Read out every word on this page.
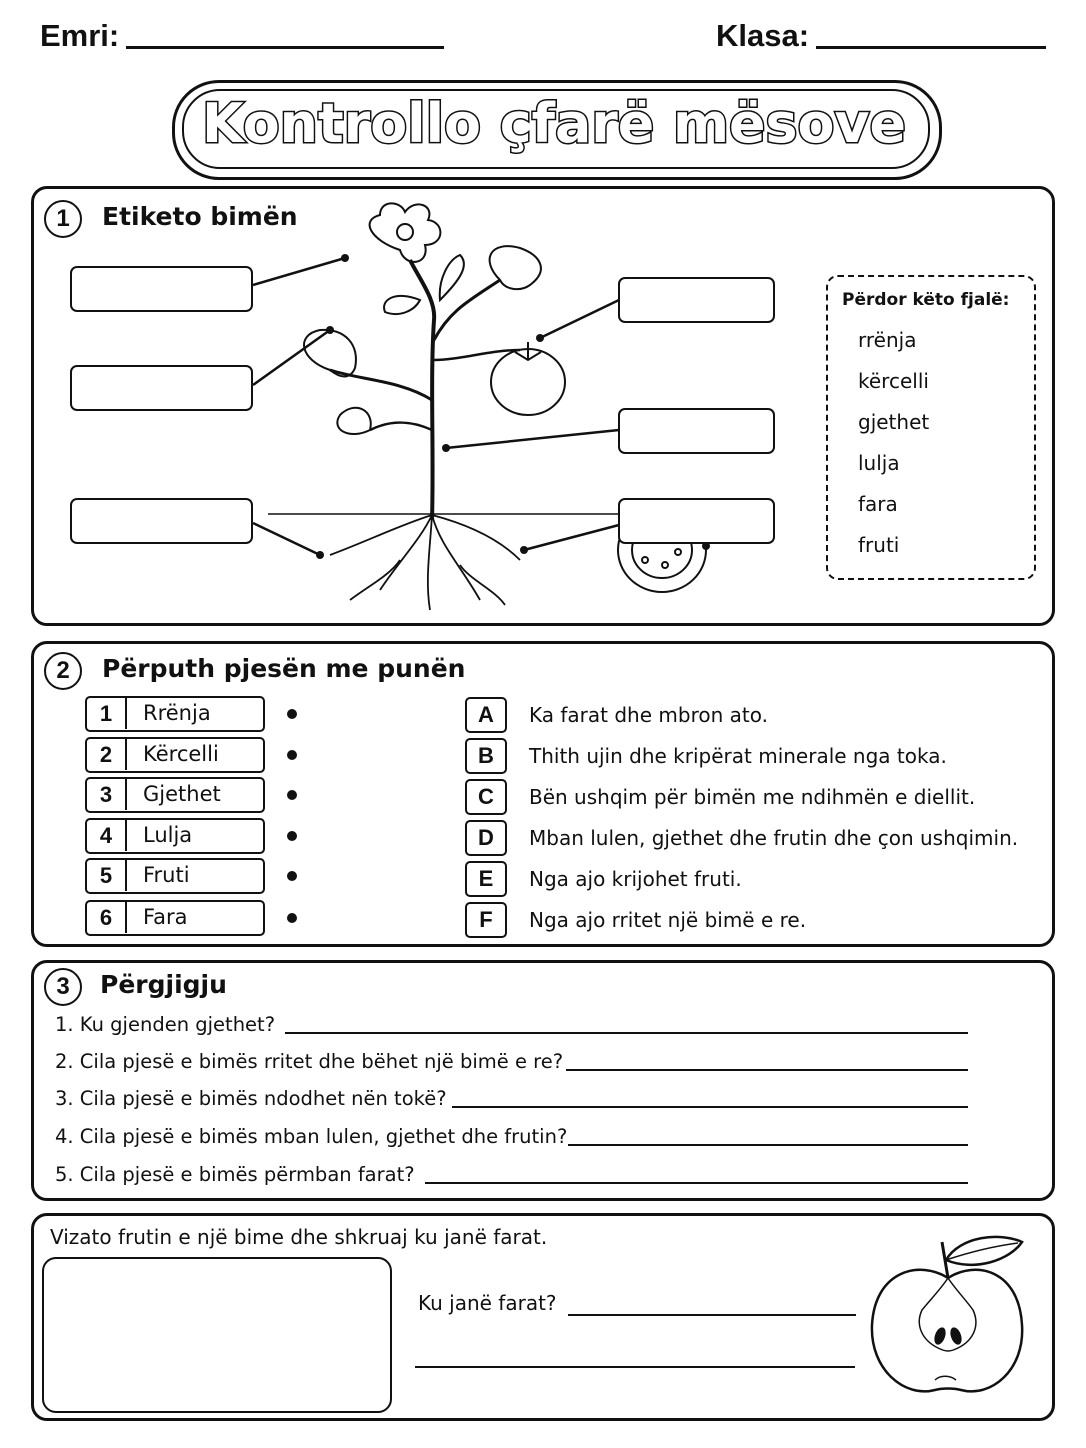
Emri:	Klasa:
Kontrollo çfarë mësove
1	Etiketo bimën
Përdor këto fjalë:
rrënja
kërcelli
gjethet
lulja
fara
fruti
2	Përputh pjesën me punën
1	Rrënja
2	Kërcelli
3	Gjethet
4	Lulja
5	Fruti
6	Fara
A	Ka farat dhe mbron ato.
B	Thith ujin dhe kripërat minerale nga toka.
C	Bën ushqim për bimën me ndihmën e diellit.
D	Mban lulen, gjethet dhe frutin dhe çon ushqimin.
E	Nga ajo krijohet fruti.
F	Nga ajo rritet një bimë e re.
3	Përgjigju
1. Ku gjenden gjethet?
2. Cila pjesë e bimës rritet dhe bëhet një bimë e re?
3. Cila pjesë e bimës ndodhet nën tokë?
4. Cila pjesë e bimës mban lulen, gjethet dhe frutin?
5. Cila pjesë e bimës përmban farat?
Vizato frutin e një bime dhe shkruaj ku janë farat.
Ku janë farat?
